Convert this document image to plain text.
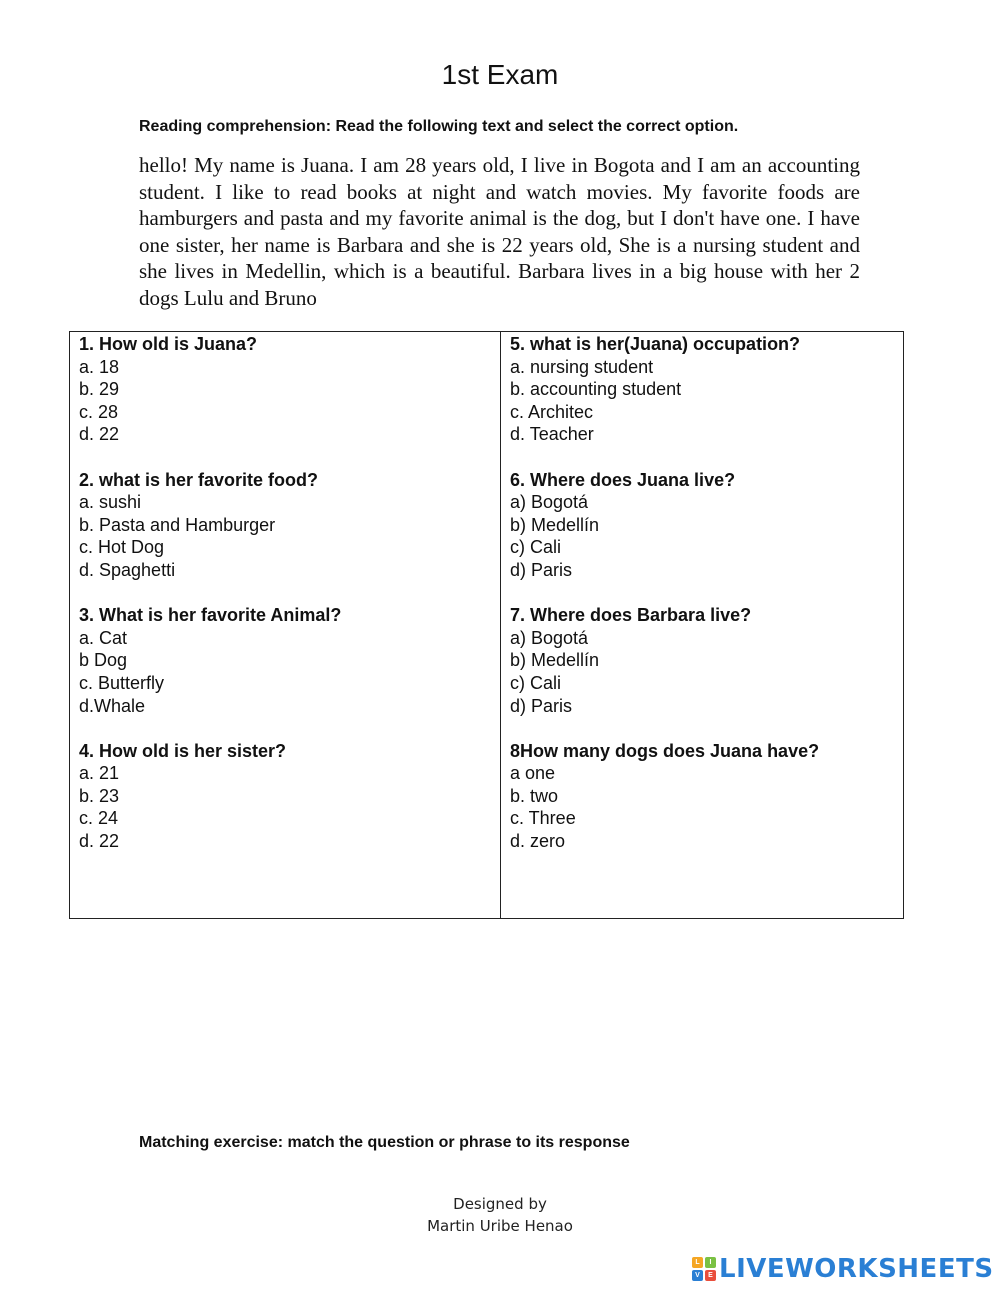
1st Exam
Reading comprehension: Read the following text and select the correct option.
hello! My name is Juana. I am 28 years old, I live in Bogota and I am an accounting student. I like to read books at night and watch movies. My favorite foods are hamburgers and pasta and my favorite animal is the dog, but I don't have one. I have one sister, her name is Barbara and she is 22 years old, She is a nursing student and she lives in Medellin, which is a beautiful. Barbara lives in a big house with her 2 dogs Lulu and Bruno
1. How old is Juana?
a. 18
b. 29
c. 28
d. 22
2. what is her favorite food?
a. sushi
b. Pasta and Hamburger
c. Hot Dog
d. Spaghetti
3. What is her favorite Animal?
a. Cat
b Dog
c. Butterfly
d.Whale
4. How old is her sister?
a. 21
b. 23
c. 24
d. 22
5. what is her(Juana) occupation?
a. nursing student
b. accounting student
c. Architec
d. Teacher
6. Where does Juana live?
a) Bogotá
b) Medellín
c) Cali
d) Paris
7. Where does Barbara live?
a) Bogotá
b) Medellín
c) Cali
d) Paris
8How many dogs does Juana have?
a one
b. two
c. Three
d. zero
Matching exercise: match the question or phrase to its response
Designed by
Martin Uribe Henao
L	I
V	E LIVEWORKSHEETS
